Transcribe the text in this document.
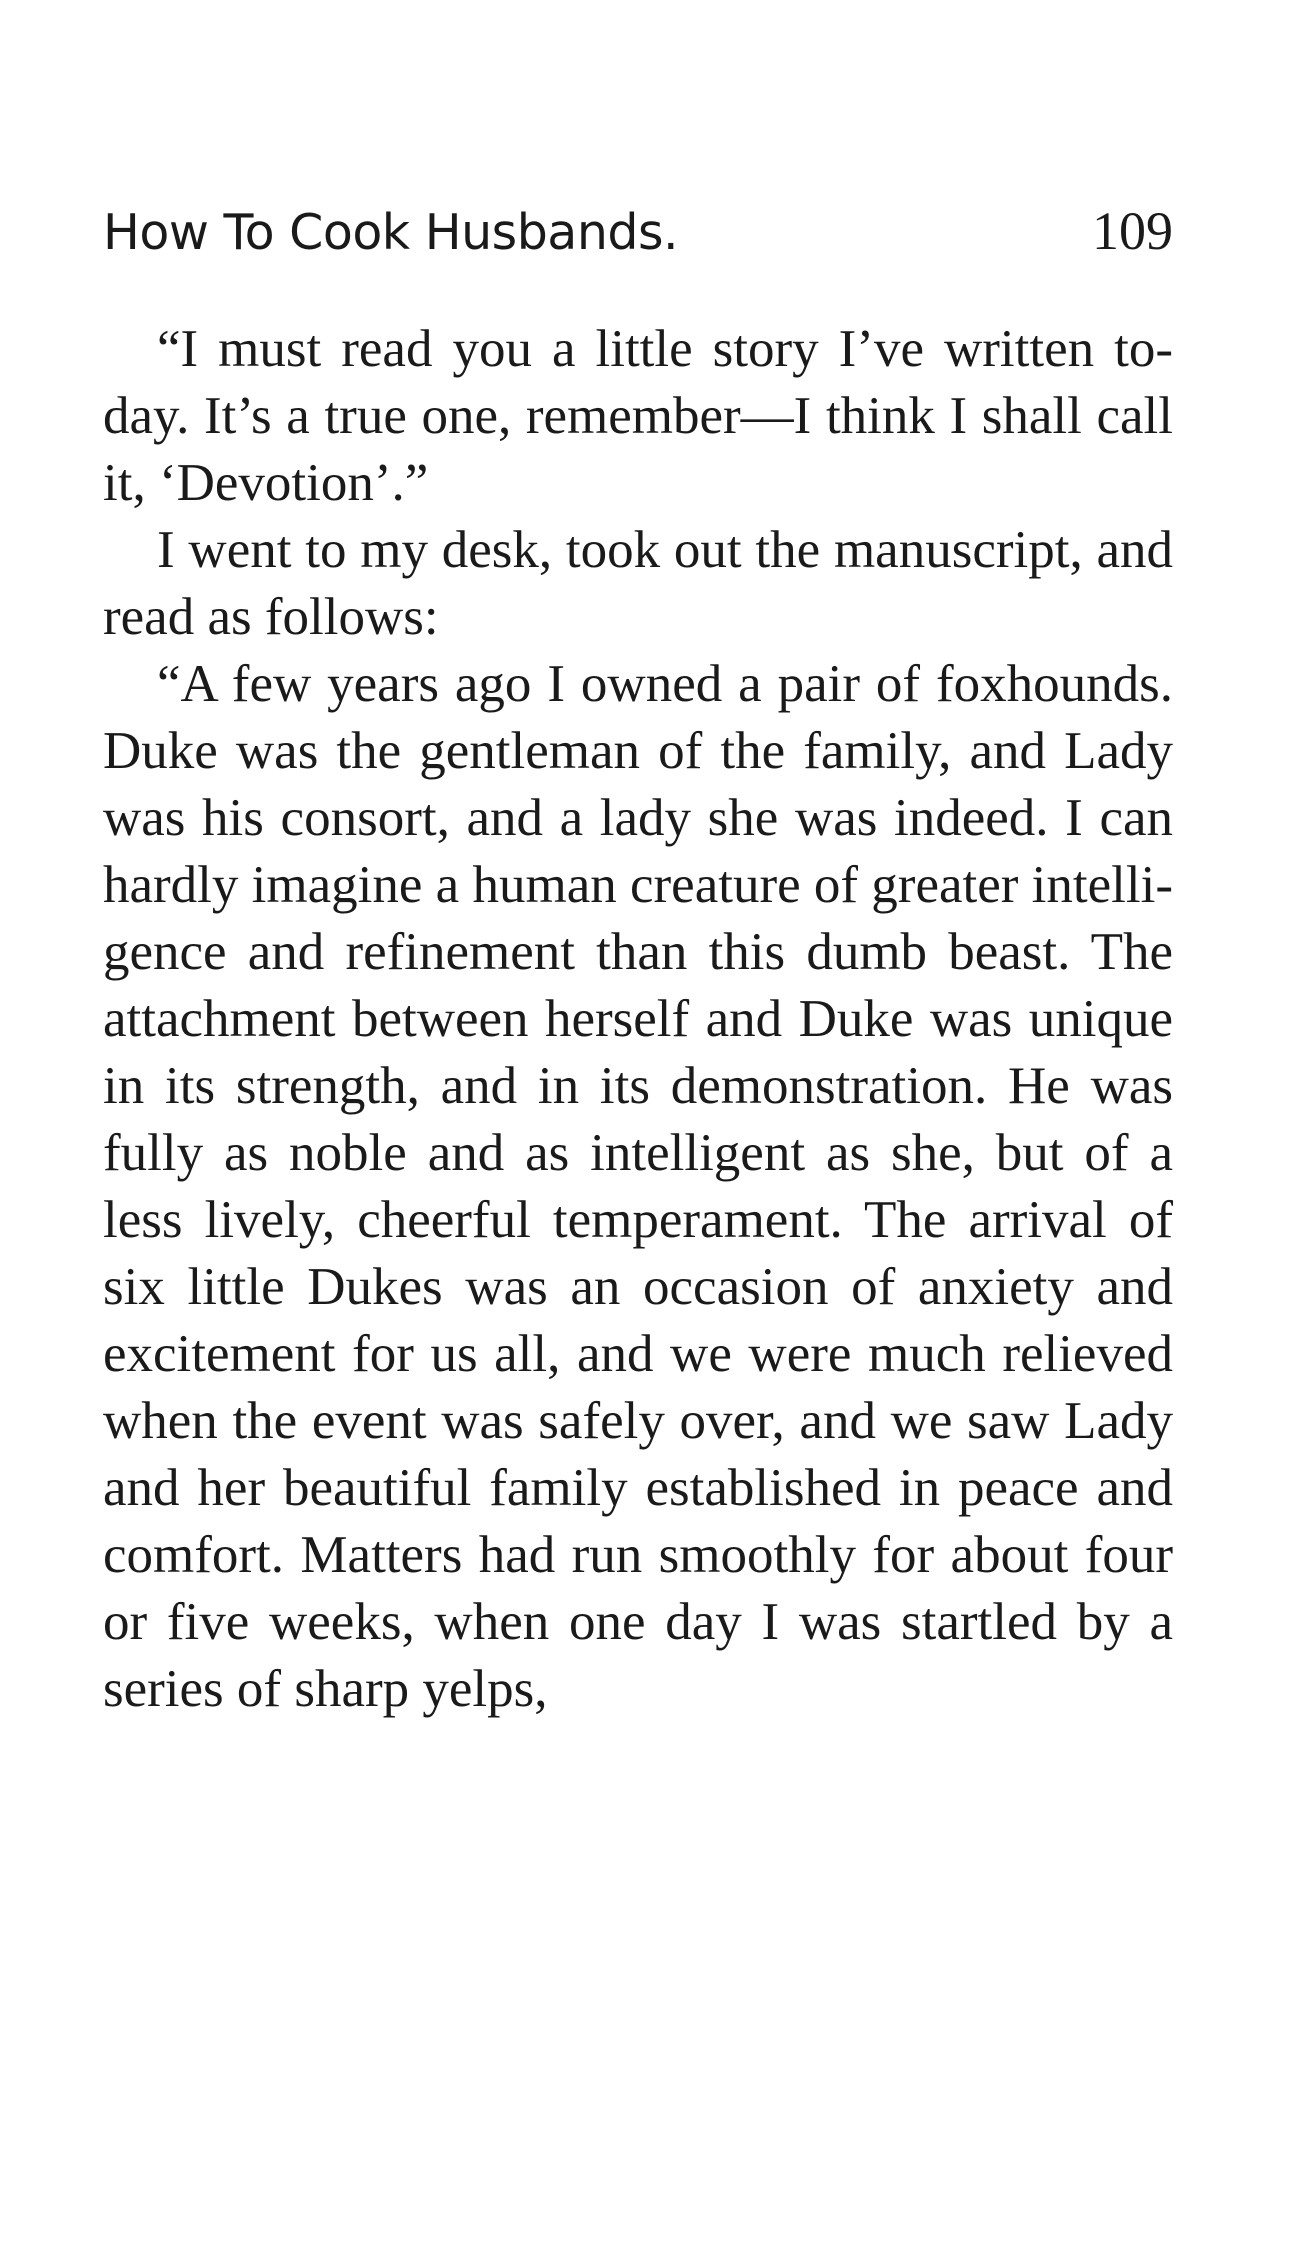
How To Cook Husbands.	109

“I must read you a little story I’ve written to-day. It’s a true one, remember—I think I shall call it, ‘Devotion’.”

I went to my desk, took out the manuscript, and read as follows:

“A few years ago I owned a pair of foxhounds. Duke was the gentleman of the family, and Lady was his consort, and a lady she was indeed. I can hardly imagine a human creature of greater intelligence and refinement than this dumb beast. The attachment between herself and Duke was unique in its strength, and in its demonstration. He was fully as noble and as intelligent as she, but of a less lively, cheerful temperament. The arrival of six little Dukes was an occasion of anxiety and excitement for us all, and we were much relieved when the event was safely over, and we saw Lady and her beautiful family established in peace and comfort. Matters had run smoothly for about four or five weeks, when one day I was startled by a series of sharp yelps,
